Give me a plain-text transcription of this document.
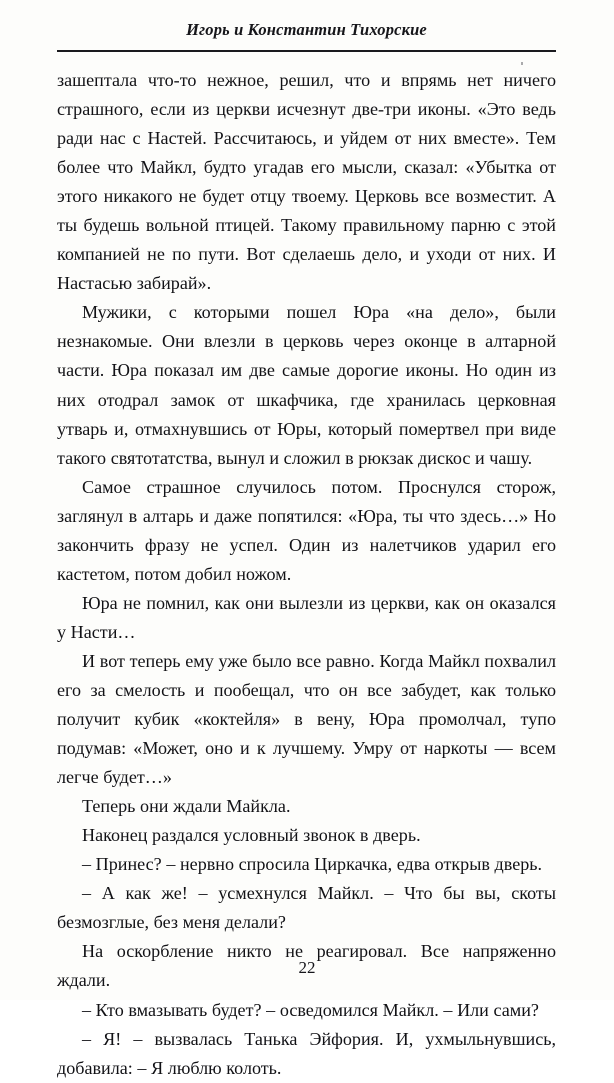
Игорь и Константин Тихорские

зашептала что-то нежное, решил, что и впрямь нет ничего страшного, если из церкви исчезнут две-три иконы. «Это ведь ради нас с Настей. Рассчитаюсь, и уйдем от них вместе». Тем более что Майкл, будто угадав его мысли, сказал: «Убытка от этого никакого не будет отцу твоему. Церковь все возместит. А ты будешь вольной птицей. Такому правильному парню с этой компанией не по пути. Вот сделаешь дело, и уходи от них. И Настасью забирай».

Мужики, с которыми пошел Юра «на дело», были незнакомые. Они влезли в церковь через оконце в алтарной части. Юра показал им две самые дорогие иконы. Но один из них отодрал замок от шкафчика, где хранилась церковная утварь и, отмахнувшись от Юры, который помертвел при виде такого святотатства, вынул и сложил в рюкзак дискос и чашу.

Самое страшное случилось потом. Проснулся сторож, заглянул в алтарь и даже попятился: «Юра, ты что здесь…» Но закончить фразу не успел. Один из налетчиков ударил его кастетом, потом добил ножом.

Юра не помнил, как они вылезли из церкви, как он оказался у Насти…

И вот теперь ему уже было все равно. Когда Майкл похвалил его за смелость и пообещал, что он все забудет, как только получит кубик «коктейля» в вену, Юра промолчал, тупо подумав: «Может, оно и к лучшему. Умру от наркоты — всем легче будет…»

Теперь они ждали Майкла.

Наконец раздался условный звонок в дверь.

– Принес? – нервно спросила Циркачка, едва открыв дверь.

– А как же! – усмехнулся Майкл. – Что бы вы, скоты безмозглые, без меня делали?

На оскорбление никто не реагировал. Все напряженно ждали.

– Кто вмазывать будет? – осведомился Майкл. – Или сами?

– Я! – вызвалась Танька Эйфория. И, ухмыльнувшись, добавила: – Я люблю колоть.

22
